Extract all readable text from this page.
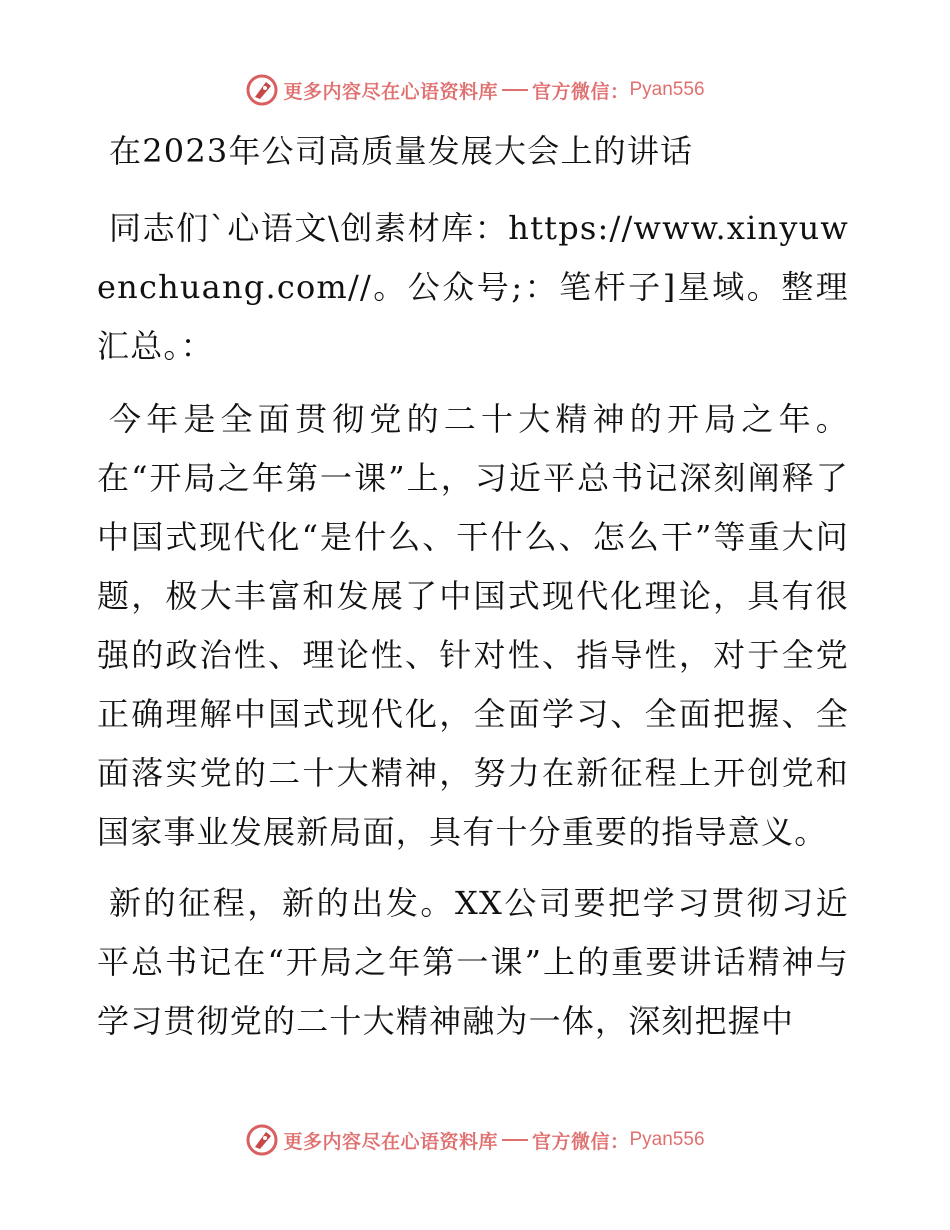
更多内容尽在心语资料库 官方微信： Pyan556

在2023年公司高质量发展大会上的讲话

同志们`心语文\创素材库：https://www.xinyuwenchuang.com//。公众号;：笔杆子]星域。整理汇总。：

今年是全面贯彻党的二十大精神的开局之年。在“开局之年第一课”上，习近平总书记深刻阐释了中国式现代化“是什么、干什么、怎么干”等重大问题，极大丰富和发展了中国式现代化理论，具有很强的政治性、理论性、针对性、指导性，对于全党正确理解中国式现代化，全面学习、全面把握、全面落实党的二十大精神，努力在新征程上开创党和国家事业发展新局面，具有十分重要的指导意义。

新的征程，新的出发。XX公司要把学习贯彻习近平总书记在“开局之年第一课”上的重要讲话精神与学习贯彻党的二十大精神融为一体，深刻把握中

更多内容尽在心语资料库 官方微信： Pyan556
